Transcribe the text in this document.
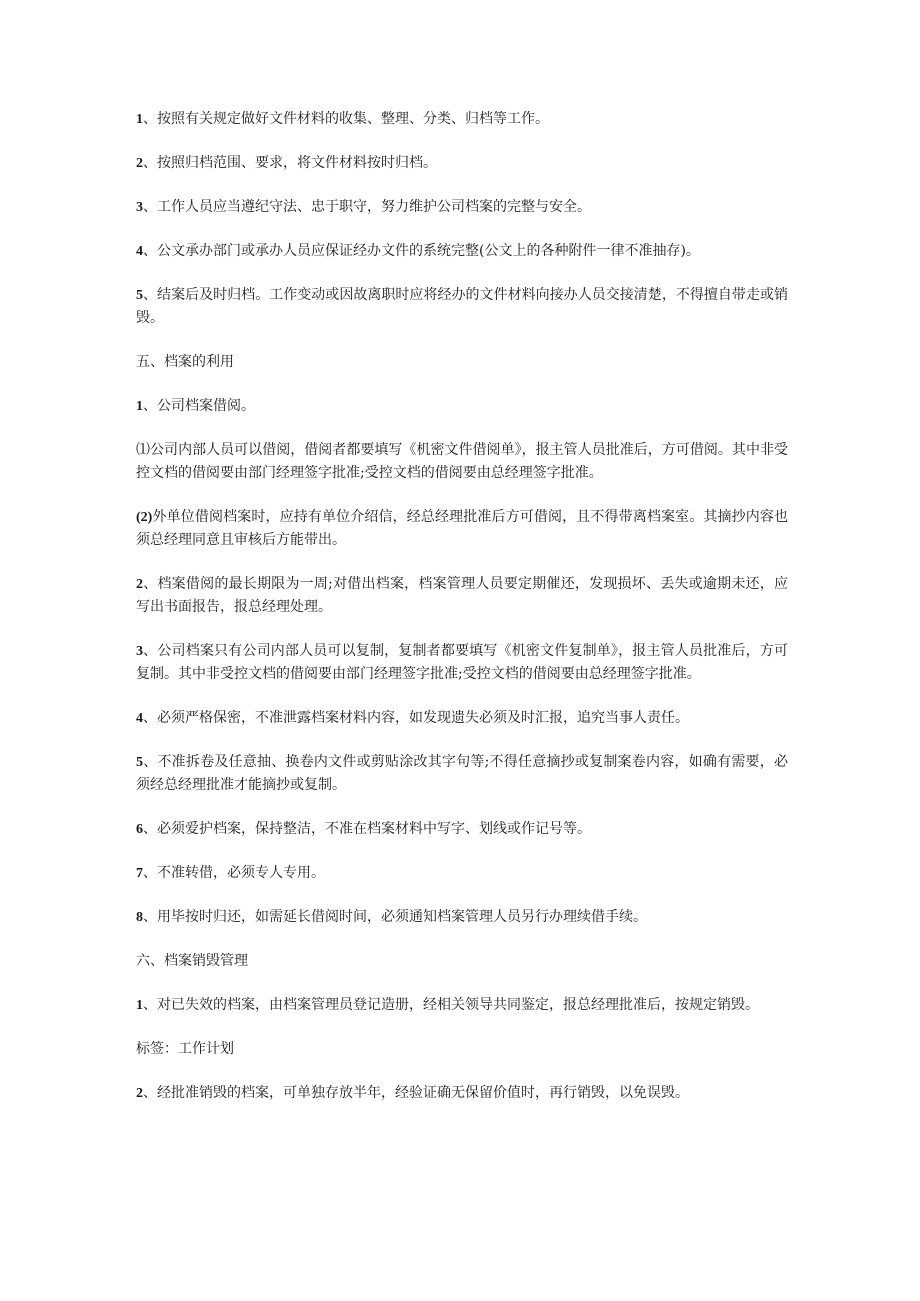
1、按照有关规定做好文件材料的收集、整理、分类、归档等工作。

2、按照归档范围、要求，将文件材料按时归档。

3、工作人员应当遵纪守法、忠于职守，努力维护公司档案的完整与安全。

4、公文承办部门或承办人员应保证经办文件的系统完整(公文上的各种附件一律不准抽存)。

5、结案后及时归档。工作变动或因故离职时应将经办的文件材料向接办人员交接清楚，不得擅自带走或销毁。

五、档案的利用

1、公司档案借阅。

⑴公司内部人员可以借阅，借阅者都要填写《机密文件借阅单》，报主管人员批准后，方可借阅。其中非受控文档的借阅要由部门经理签字批准;受控文档的借阅要由总经理签字批准。

(2)外单位借阅档案时，应持有单位介绍信，经总经理批准后方可借阅，且不得带离档案室。其摘抄内容也须总经理同意且审核后方能带出。

2、档案借阅的最长期限为一周;对借出档案，档案管理人员要定期催还，发现损坏、丢失或逾期未还，应写出书面报告，报总经理处理。

3、公司档案只有公司内部人员可以复制，复制者都要填写《机密文件复制单》，报主管人员批准后，方可复制。其中非受控文档的借阅要由部门经理签字批准;受控文档的借阅要由总经理签字批准。

4、必须严格保密，不准泄露档案材料内容，如发现遗失必须及时汇报，追究当事人责任。

5、不准拆卷及任意抽、换卷内文件或剪贴涂改其字句等;不得任意摘抄或复制案卷内容，如确有需要，必须经总经理批准才能摘抄或复制。

6、必须爱护档案，保持整洁，不准在档案材料中写字、划线或作记号等。

7、不准转借，必须专人专用。

8、用毕按时归还，如需延长借阅时间，必须通知档案管理人员另行办理续借手续。

六、档案销毁管理

1、对已失效的档案，由档案管理员登记造册，经相关领导共同鉴定，报总经理批准后，按规定销毁。

标签：工作计划

2、经批准销毁的档案，可单独存放半年，经验证确无保留价值时，再行销毁，以免误毁。
